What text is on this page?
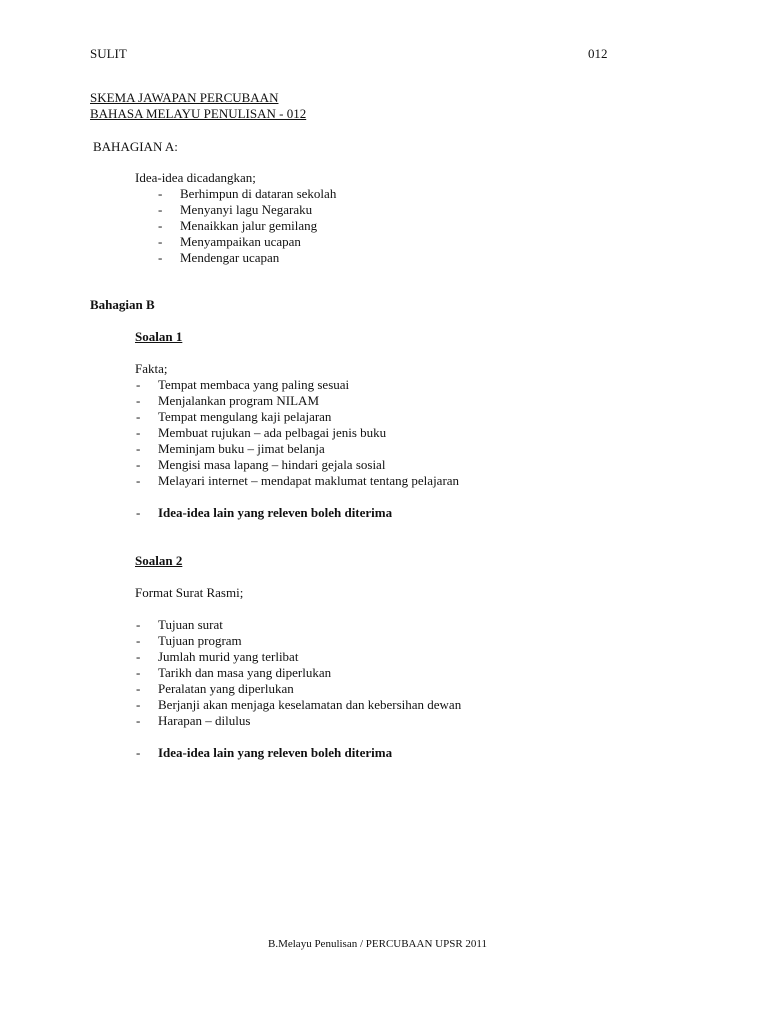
SULIT	012
SKEMA JAWAPAN PERCUBAAN
BAHASA MELAYU PENULISAN - 012
BAHAGIAN A:
Idea-idea dicadangkan;
- Berhimpun di dataran sekolah
- Menyanyi lagu Negaraku
- Menaikkan jalur gemilang
- Menyampaikan ucapan
- Mendengar ucapan
Bahagian B
Soalan 1
Fakta;
- Tempat membaca yang paling sesuai
- Menjalankan program NILAM
- Tempat mengulang kaji pelajaran
- Membuat rujukan – ada pelbagai jenis buku
- Meminjam buku – jimat belanja
- Mengisi masa lapang – hindari gejala sosial
- Melayari internet – mendapat maklumat tentang pelajaran
- Idea-idea lain yang releven boleh diterima
Soalan 2
Format Surat Rasmi;
- Tujuan surat
- Tujuan program
- Jumlah murid yang terlibat
- Tarikh dan masa yang diperlukan
- Peralatan yang diperlukan
- Berjanji akan menjaga keselamatan dan kebersihan dewan
- Harapan – dilulus
- Idea-idea lain yang releven boleh diterima
B.Melayu Penulisan / PERCUBAAN UPSR 2011
